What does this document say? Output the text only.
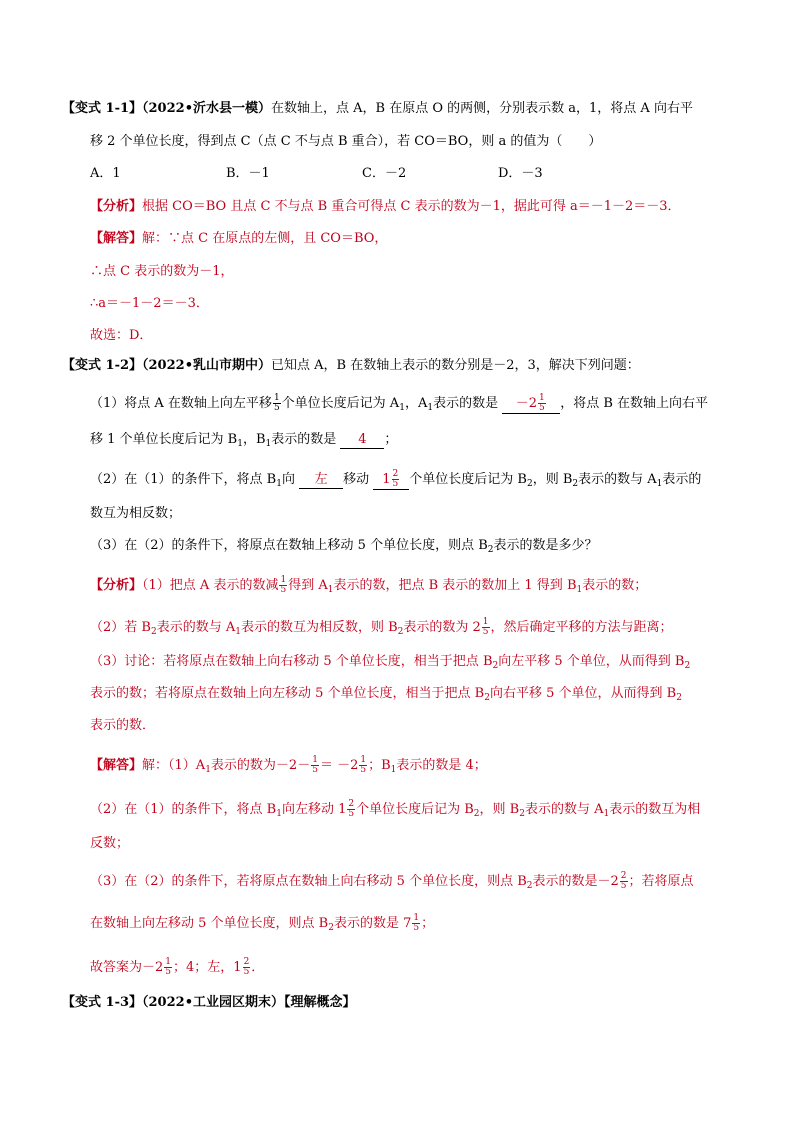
【变式 1-1】（2022•沂水县一模）在数轴上，点 A，B 在原点 O 的两侧，分别表示数 a，1，将点 A 向右平
移 2 个单位长度，得到点 C（点 C 不与点 B 重合），若 CO＝BO，则 a 的值为（　　）
A．1	B．－1	C．－2	D．－3
【分析】根据 CO＝BO 且点 C 不与点 B 重合可得点 C 表示的数为－1，据此可得 a＝－1－2＝－3．
【解答】解：∵点 C 在原点的左侧，且 CO＝BO，
∴点 C 表示的数为－1，
∴a＝－1－2＝－3．
故选：D．
【变式 1-2】（2022•乳山市期中）已知点 A，B 在数轴上表示的数分别是－2，3，解决下列问题：
（1）将点 A 在数轴上向左平移 $\frac{1}{5}$ 个单位长度后记为 $A_1$，$A_1$表示的数是 $-2 \frac{1}{5}$ ，将点 B 在数轴上向右平
移 1 个单位长度后记为 $B_1$，$B_1$表示的数是 4 ；
（2）在（1）的条件下，将点 $B_1$向 左 移动 $1 \frac{2}{5}$ 个单位长度后记为 $B_2$，则 $B_2$表示的数与 $A_1$表示的
数互为相反数；
（3）在（2）的条件下，将原点在数轴上移动 5 个单位长度，则点 $B_2$表示的数是多少？
【分析】（1）把点 A 表示的数减 $\frac{1}{5}$ 得到 $A_1$表示的数，把点 B 表示的数加上 1 得到 $B_1$表示的数；
（2）若 $B_2$表示的数与 $A_1$表示的数互为相反数，则 $B_2$表示的数为 $2 \frac{1}{5}$ ，然后确定平移的方法与距离；
（3）讨论：若将原点在数轴上向右移动 5 个单位长度，相当于把点 $B_2$向左平移 5 个单位，从而得到 $B_2$
表示的数；若将原点在数轴上向左移动 5 个单位长度，相当于把点 $B_2$向右平移 5 个单位，从而得到 $B_2$
表示的数．
【解答】解：$(1)A_1$表示的数为$-2- \frac{1}{5} = -2 \frac{1}{5}$ ；$B_1$表示的数是 4；
（2）在（1）的条件下，将点 $B_1$向左移动 $1 \frac{2}{5}$ 个单位长度后记为 $B_2$，则 $B_2$表示的数与 $A_1$表示的数互为相
反数；
（3）在（2）的条件下，若将原点在数轴上向右移动 5 个单位长度，则点 $B_2$表示的数是$-2 \frac{2}{5}$ ；若将原点
在数轴上向左移动 5 个单位长度，则点 $B_2$表示的数是 $7 \frac{1}{5}$ ；
故答案为$-2 \frac{1}{5}$ ；4；左，$1 \frac{2}{5}$ ．
【变式 1-3】（2022•工业园区期末）【理解概念】
